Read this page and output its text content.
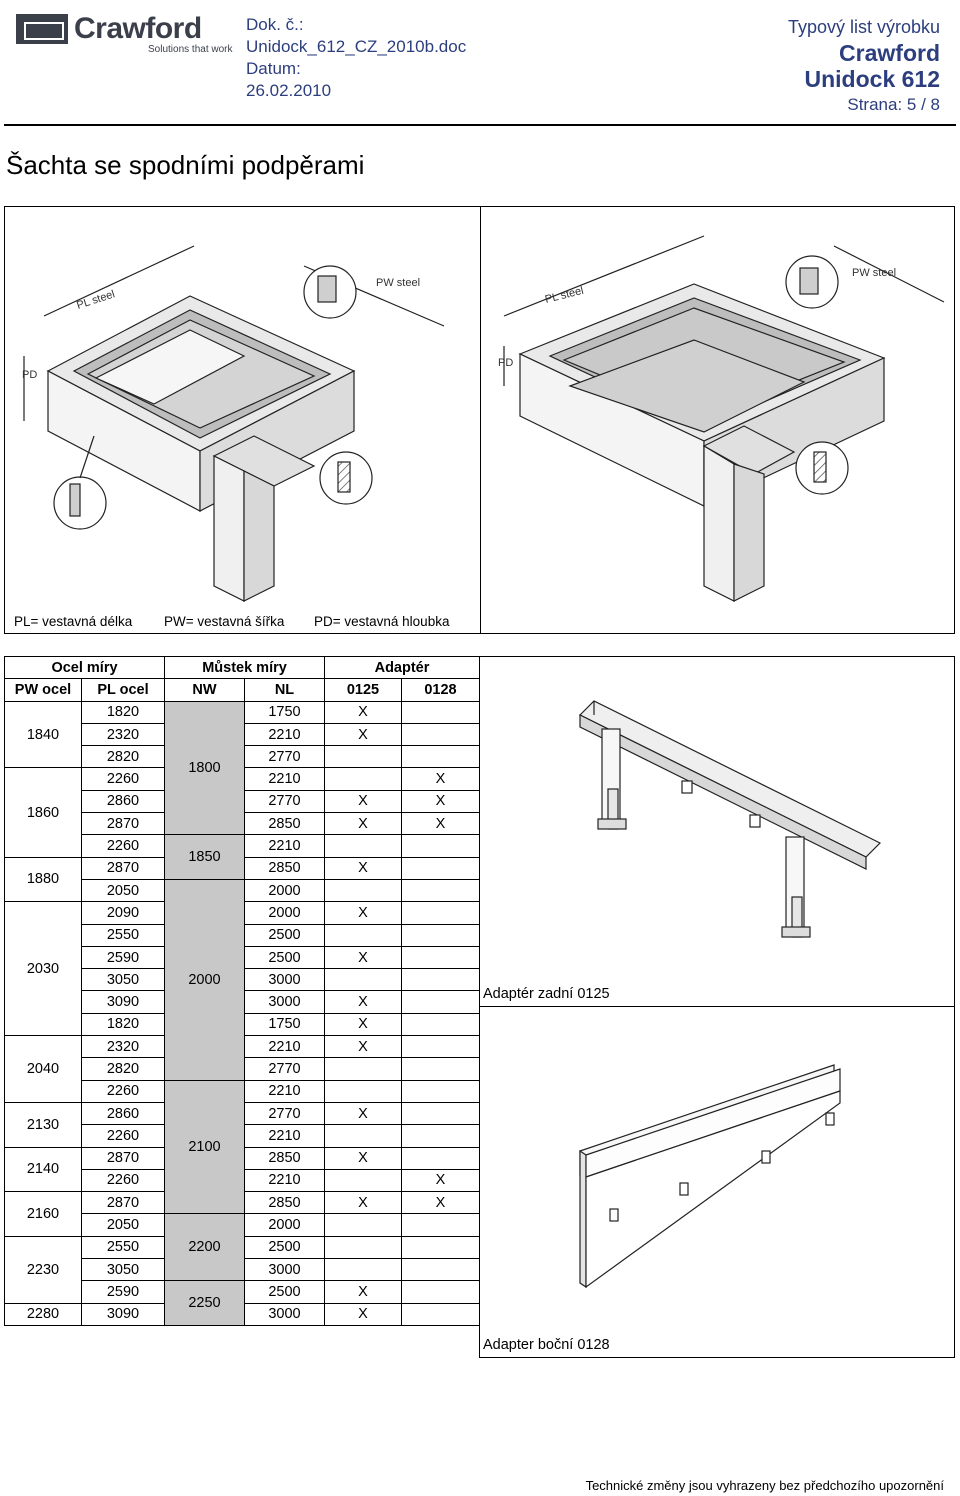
Crawford
Solutions that work
Dok. č.:
Unidock_612_CZ_2010b.doc
Datum:
26.02.2010
Typový list výrobku
Crawford
Unidock 612
Strana: 5 / 8
Šachta se spodními podpěrami
PL steel
PW steel
PD
PL steel
PW steel
PD
PL= vestavná délka PW= vestavná šířka PD= vestavná hloubka
Ocel míry		Můstek míry		Adaptér	
PW ocel	PL ocel	NW	NL	0125	0128
1840	1820	1800	1750	X	
	2320		2210	X	
	2820		2770		
1860	2260		2210		X
	2860		2770	X	X
	2870		2850	X	X
	2260	1850	2210		
1880	2870		2850	X	
	2050	2000	2000		
2030	2090		2000	X	
	2550		2500		
	2590		2500	X	
	3050		3000		
	3090		3000	X	
	1820		1750	X	
2040	2320		2210	X	
	2820		2770		
	2260	2100	2210		
2130	2860		2770	X	
	2260		2210		
2140	2870		2850	X	
	2260		2210		X
2160	2870		2850	X	X
	2050	2200	2000		
2230	2550		2500		
	3050		3000		
	2590	2250	2500	X	
2280	3090		3000	X	
Adaptér zadní 0125
Adapter boční 0128
Technické změny jsou vyhrazeny bez předchozího upozornění
